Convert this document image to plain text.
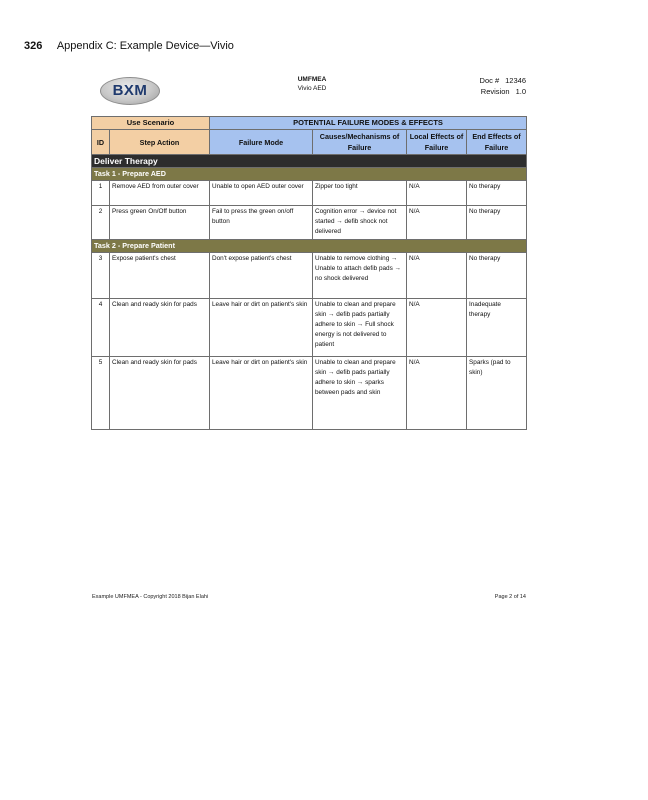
326 Appendix C: Example Device—Vivio
BXM
UMFMEA
Vivio AED
Doc # 12346
Revision 1.0
Use Scenario		POTENTIAL FAILURE MODES & EFFECTS			
ID	Step Action	Failure Mode	Causes/Mechanisms of Failure	Local Effects of Failure	End Effects of Failure
Deliver Therapy					
Task 1 - Prepare AED					
1	Remove AED from outer cover	Unable to open AED outer cover	Zipper too tight	N/A	No therapy
2	Press green On/Off button	Fail to press the green on/off button	Cognition error → device not started → defib shock not delivered	N/A	No therapy
Task 2 - Prepare Patient					
3	Expose patient's chest	Don't expose patient's chest	Unable to remove clothing → Unable to attach defib pads → no shock delivered	N/A	No therapy
4	Clean and ready skin for pads	Leave hair or dirt on patient's skin	Unable to clean and prepare skin → defib pads partially adhere to skin → Full shock energy is not delivered to patient	N/A	Inadequate therapy
5	Clean and ready skin for pads	Leave hair or dirt on patient's skin	Unable to clean and prepare skin → defib pads partially adhere to skin → sparks between pads and skin	N/A	Sparks (pad to skin)
Example UMFMEA - Copyright 2018 Bijan Elahi	Page 2 of 14
